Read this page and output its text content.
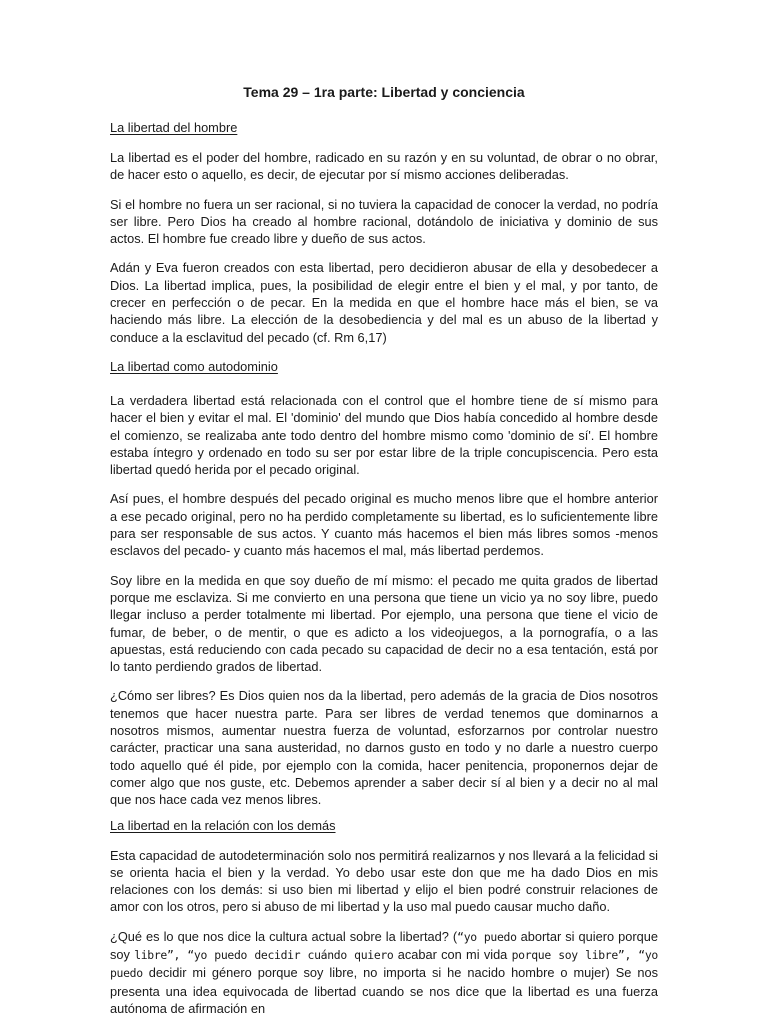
Tema 29 – 1ra parte: Libertad y conciencia
La libertad del hombre

La libertad es el poder del hombre, radicado en su razón y en su voluntad, de obrar o no obrar, de hacer esto o aquello, es decir, de ejecutar por sí mismo acciones deliberadas.

Si el hombre no fuera un ser racional, si no tuviera la capacidad de conocer la verdad, no podría ser libre. Pero Dios ha creado al hombre racional, dotándolo de iniciativa y dominio de sus actos. El hombre fue creado libre y dueño de sus actos.

Adán y Eva fueron creados con esta libertad, pero decidieron abusar de ella y desobedecer a Dios. La libertad implica, pues, la posibilidad de elegir entre el bien y el mal, y por tanto, de crecer en perfección o de pecar. En la medida en que el hombre hace más el bien, se va haciendo más libre. La elección de la desobediencia y del mal es un abuso de la libertad y conduce a la esclavitud del pecado (cf. Rm 6,17)

La libertad como autodominio

La verdadera libertad está relacionada con el control que el hombre tiene de sí mismo para hacer el bien y evitar el mal. El 'dominio' del mundo que Dios había concedido al hombre desde el comienzo, se realizaba ante todo dentro del hombre mismo como 'dominio de sí'. El hombre estaba íntegro y ordenado en todo su ser por estar libre de la triple concupiscencia. Pero esta libertad quedó herida por el pecado original.

Así pues, el hombre después del pecado original es mucho menos libre que el hombre anterior a ese pecado original, pero no ha perdido completamente su libertad, es lo suficientemente libre para ser responsable de sus actos. Y cuanto más hacemos el bien más libres somos -menos esclavos del pecado- y cuanto más hacemos el mal, más libertad perdemos.

Soy libre en la medida en que soy dueño de mí mismo: el pecado me quita grados de libertad porque me esclaviza. Si me convierto en una persona que tiene un vicio ya no soy libre, puedo llegar incluso a perder totalmente mi libertad. Por ejemplo, una persona que tiene el vicio de fumar, de beber, o de mentir, o que es adicto a los videojuegos, a la pornografía, o a las apuestas, está reduciendo con cada pecado su capacidad de decir no a esa tentación, está por lo tanto perdiendo grados de libertad.

¿Cómo ser libres? Es Dios quien nos da la libertad, pero además de la gracia de Dios nosotros tenemos que hacer nuestra parte. Para ser libres de verdad tenemos que dominarnos a nosotros mismos, aumentar nuestra fuerza de voluntad, esforzarnos por controlar nuestro carácter, practicar una sana austeridad, no darnos gusto en todo y no darle a nuestro cuerpo todo aquello qué él pide, por ejemplo con la comida, hacer penitencia, proponernos dejar de comer algo que nos guste, etc. Debemos aprender a saber decir sí al bien y a decir no al mal que nos hace cada vez menos libres.

La libertad en la relación con los demás

Esta capacidad de autodeterminación solo nos permitirá realizarnos y nos llevará a la felicidad si se orienta hacia el bien y la verdad. Yo debo usar este don que me ha dado Dios en mis relaciones con los demás: si uso bien mi libertad y elijo el bien podré construir relaciones de amor con los otros, pero si abuso de mi libertad y la uso mal puedo causar mucho daño.

¿Qué es lo que nos dice la cultura actual sobre la libertad? (“yo puedo abortar si quiero porque soy libre”, “yo puedo decidir cuándo quiero acabar con mi vida porque soy libre”, “yo puedo decidir mi género porque soy libre, no importa si he nacido hombre o mujer) Se nos presenta una idea equivocada de libertad cuando se nos dice que la libertad es una fuerza autónoma de afirmación en
